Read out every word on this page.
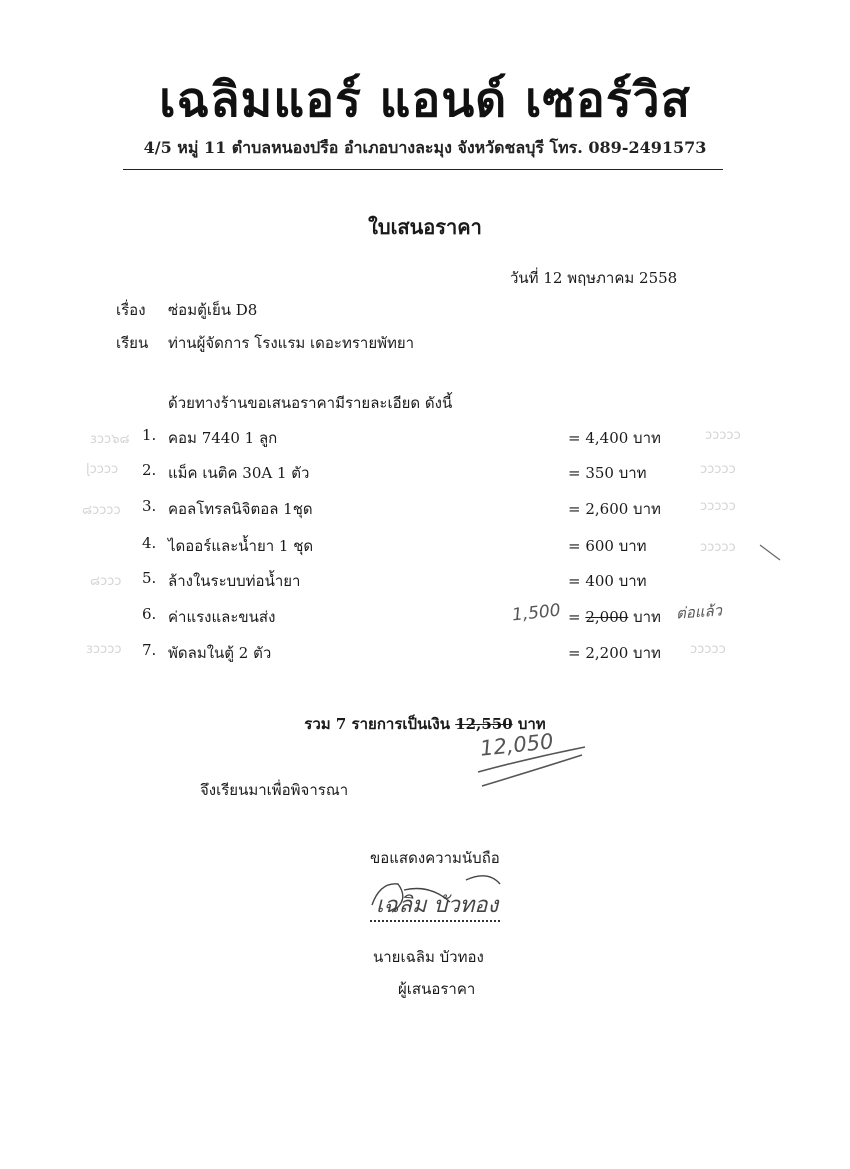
เฉลิมแอร์ แอนด์ เซอร์วิส
4/5 หมู่ 11 ตำบลหนองปรือ อำเภอบางละมุง จังหวัดชลบุรี โทร. 089-2491573
ใบเสนอราคา
วันที่ 12 พฤษภาคม 2558
เรื่อง ซ่อมตู้เย็น D8
เรียน ท่านผู้จัดการ โรงแรม เดอะทรายพัทยา
ด้วยทางร้านขอเสนอราคามีรายละเอียด ดังนี้
ɜɔɔ๖๘
ɭɔɔɔɔ
๘ɔɔɔɔ
๘ɔɔɔ
ɜɔɔɔɔ
ɔɔɔɔɔ
ɔɔɔɔɔ
ɔɔɔɔɔ
ɔɔɔɔɔ
ɔɔɔɔɔ
1. คอม 7440 1 ลูก	= 4,400 บาท
2. แม็ค เนติค 30A 1 ตัว	= 350 บาท
3. คอลโทรลนิจิตอล 1ชุด	= 2,600 บาท
4. ไดออร์และน้ำยา 1 ชุด	= 600 บาท
5. ล้างในระบบท่อน้ำยา	= 400 บาท
6. ค่าแรงและขนส่ง	= 2,000 บาท
7. พัดลมในตู้ 2 ตัว	= 2,200 บาท
1,500	ต่อแล้ว
รวม 7 รายการเป็นเงิน 12,550 บาท
12,050
จึงเรียนมาเพื่อพิจารณา
ขอแสดงความนับถือ
เฉลิม บัวทอง
นายเฉลิม บัวทอง
ผู้เสนอราคา
